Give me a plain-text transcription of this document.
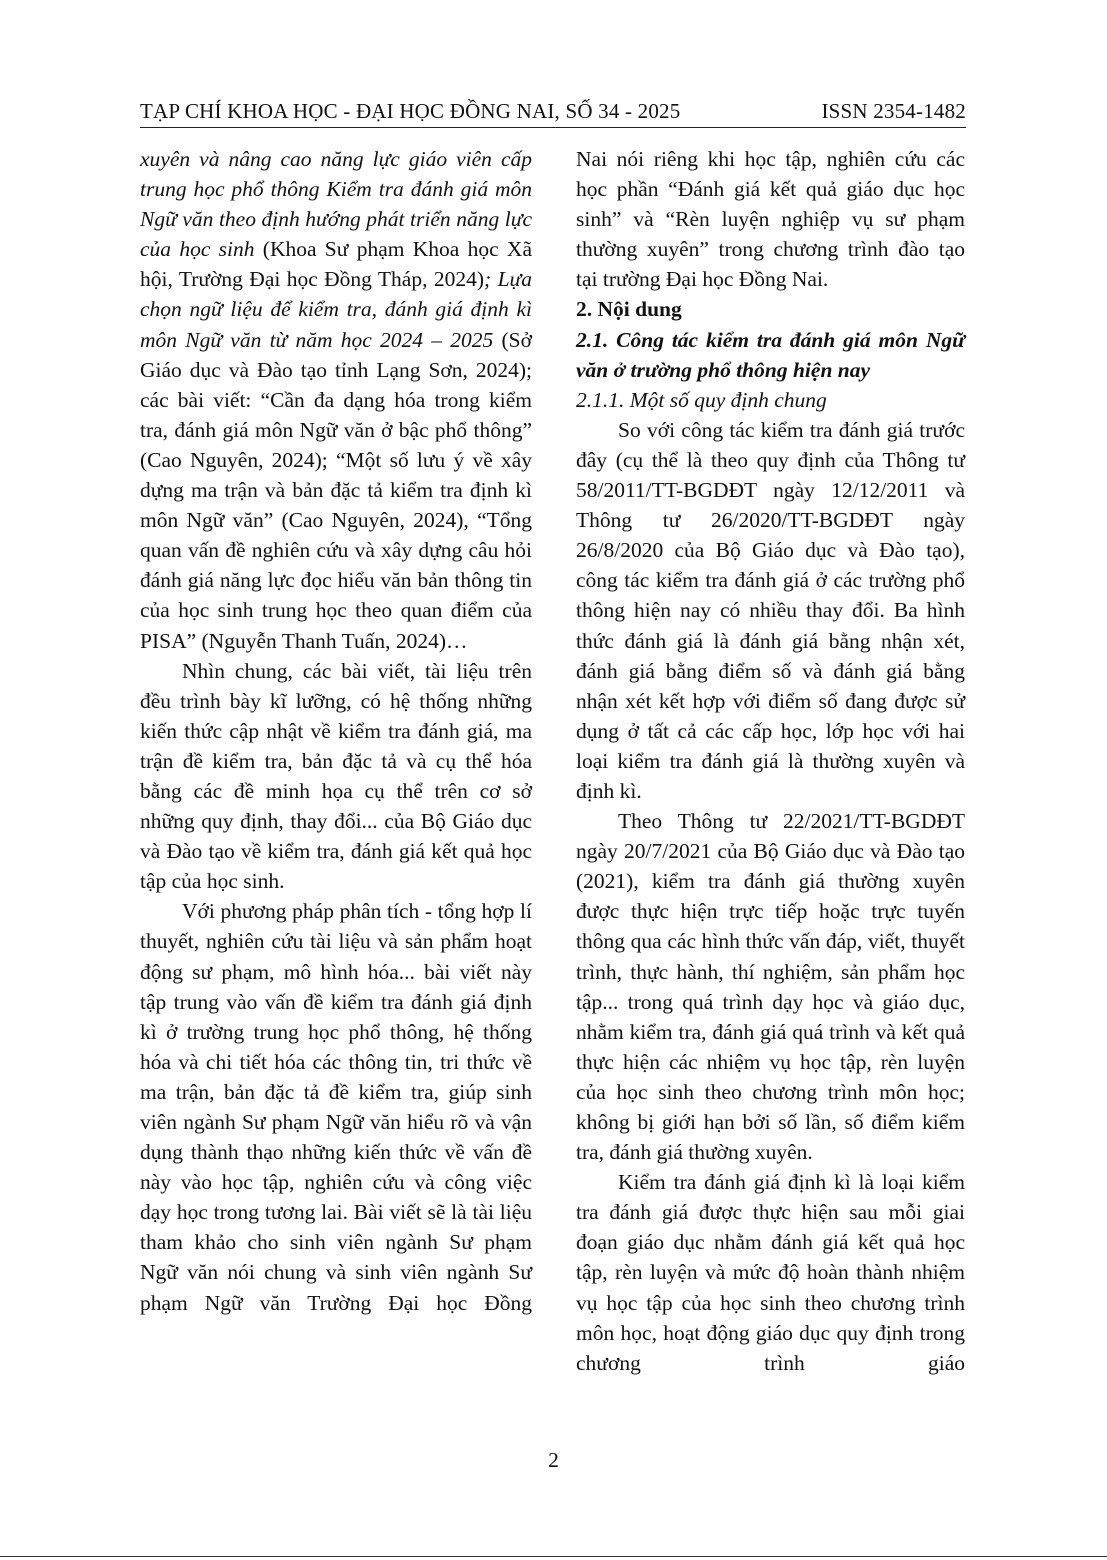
TẠP CHÍ KHOA HỌC - ĐẠI HỌC ĐỒNG NAI, SỐ 34 - 2025	ISSN 2354-1482

xuyên và nâng cao năng lực giáo viên cấp trung học phổ thông Kiểm tra đánh giá môn Ngữ văn theo định hướng phát triển năng lực của học sinh (Khoa Sư phạm Khoa học Xã hội, Trường Đại học Đồng Tháp, 2024); Lựa chọn ngữ liệu để kiểm tra, đánh giá định kì môn Ngữ văn từ năm học 2024 – 2025 (Sở Giáo dục và Đào tạo tỉnh Lạng Sơn, 2024); các bài viết: “Cần đa dạng hóa trong kiểm tra, đánh giá môn Ngữ văn ở bậc phổ thông” (Cao Nguyên, 2024); “Một số lưu ý về xây dựng ma trận và bản đặc tả kiểm tra định kì môn Ngữ văn” (Cao Nguyên, 2024), “Tổng quan vấn đề nghiên cứu và xây dựng câu hỏi đánh giá năng lực đọc hiểu văn bản thông tin của học sinh trung học theo quan điểm của PISA” (Nguyễn Thanh Tuấn, 2024)…

Nhìn chung, các bài viết, tài liệu trên đều trình bày kĩ lưỡng, có hệ thống những kiến thức cập nhật về kiểm tra đánh giá, ma trận đề kiểm tra, bản đặc tả và cụ thể hóa bằng các đề minh họa cụ thể trên cơ sở những quy định, thay đổi... của Bộ Giáo dục và Đào tạo về kiểm tra, đánh giá kết quả học tập của học sinh.

Với phương pháp phân tích - tổng hợp lí thuyết, nghiên cứu tài liệu và sản phẩm hoạt động sư phạm, mô hình hóa... bài viết này tập trung vào vấn đề kiểm tra đánh giá định kì ở trường trung học phổ thông, hệ thống hóa và chi tiết hóa các thông tin, tri thức về ma trận, bản đặc tả đề kiểm tra, giúp sinh viên ngành Sư phạm Ngữ văn hiểu rõ và vận dụng thành thạo những kiến thức về vấn đề này vào học tập, nghiên cứu và công việc dạy học trong tương lai. Bài viết sẽ là tài liệu tham khảo cho sinh viên ngành Sư phạm Ngữ văn nói chung và sinh viên ngành Sư phạm Ngữ văn Trường Đại học Đồng

Nai nói riêng khi học tập, nghiên cứu các học phần “Đánh giá kết quả giáo dục học sinh” và “Rèn luyện nghiệp vụ sư phạm thường xuyên” trong chương trình đào tạo tại trường Đại học Đồng Nai.

2. Nội dung

2.1. Công tác kiểm tra đánh giá môn Ngữ văn ở trường phổ thông hiện nay

2.1.1. Một số quy định chung

So với công tác kiểm tra đánh giá trước đây (cụ thể là theo quy định của Thông tư 58/2011/TT-BGDĐT ngày 12/12/2011 và Thông tư 26/2020/TT-BGDĐT ngày 26/8/2020 của Bộ Giáo dục và Đào tạo), công tác kiểm tra đánh giá ở các trường phổ thông hiện nay có nhiều thay đổi. Ba hình thức đánh giá là đánh giá bằng nhận xét, đánh giá bằng điểm số và đánh giá bằng nhận xét kết hợp với điểm số đang được sử dụng ở tất cả các cấp học, lớp học với hai loại kiểm tra đánh giá là thường xuyên và định kì.

Theo Thông tư 22/2021/TT-BGDĐT ngày 20/7/2021 của Bộ Giáo dục và Đào tạo (2021), kiểm tra đánh giá thường xuyên được thực hiện trực tiếp hoặc trực tuyến thông qua các hình thức vấn đáp, viết, thuyết trình, thực hành, thí nghiệm, sản phẩm học tập... trong quá trình dạy học và giáo dục, nhằm kiểm tra, đánh giá quá trình và kết quả thực hiện các nhiệm vụ học tập, rèn luyện của học sinh theo chương trình môn học; không bị giới hạn bởi số lần, số điểm kiểm tra, đánh giá thường xuyên.

Kiểm tra đánh giá định kì là loại kiểm tra đánh giá được thực hiện sau mỗi giai đoạn giáo dục nhằm đánh giá kết quả học tập, rèn luyện và mức độ hoàn thành nhiệm vụ học tập của học sinh theo chương trình môn học, hoạt động giáo dục quy định trong chương trình giáo

2
